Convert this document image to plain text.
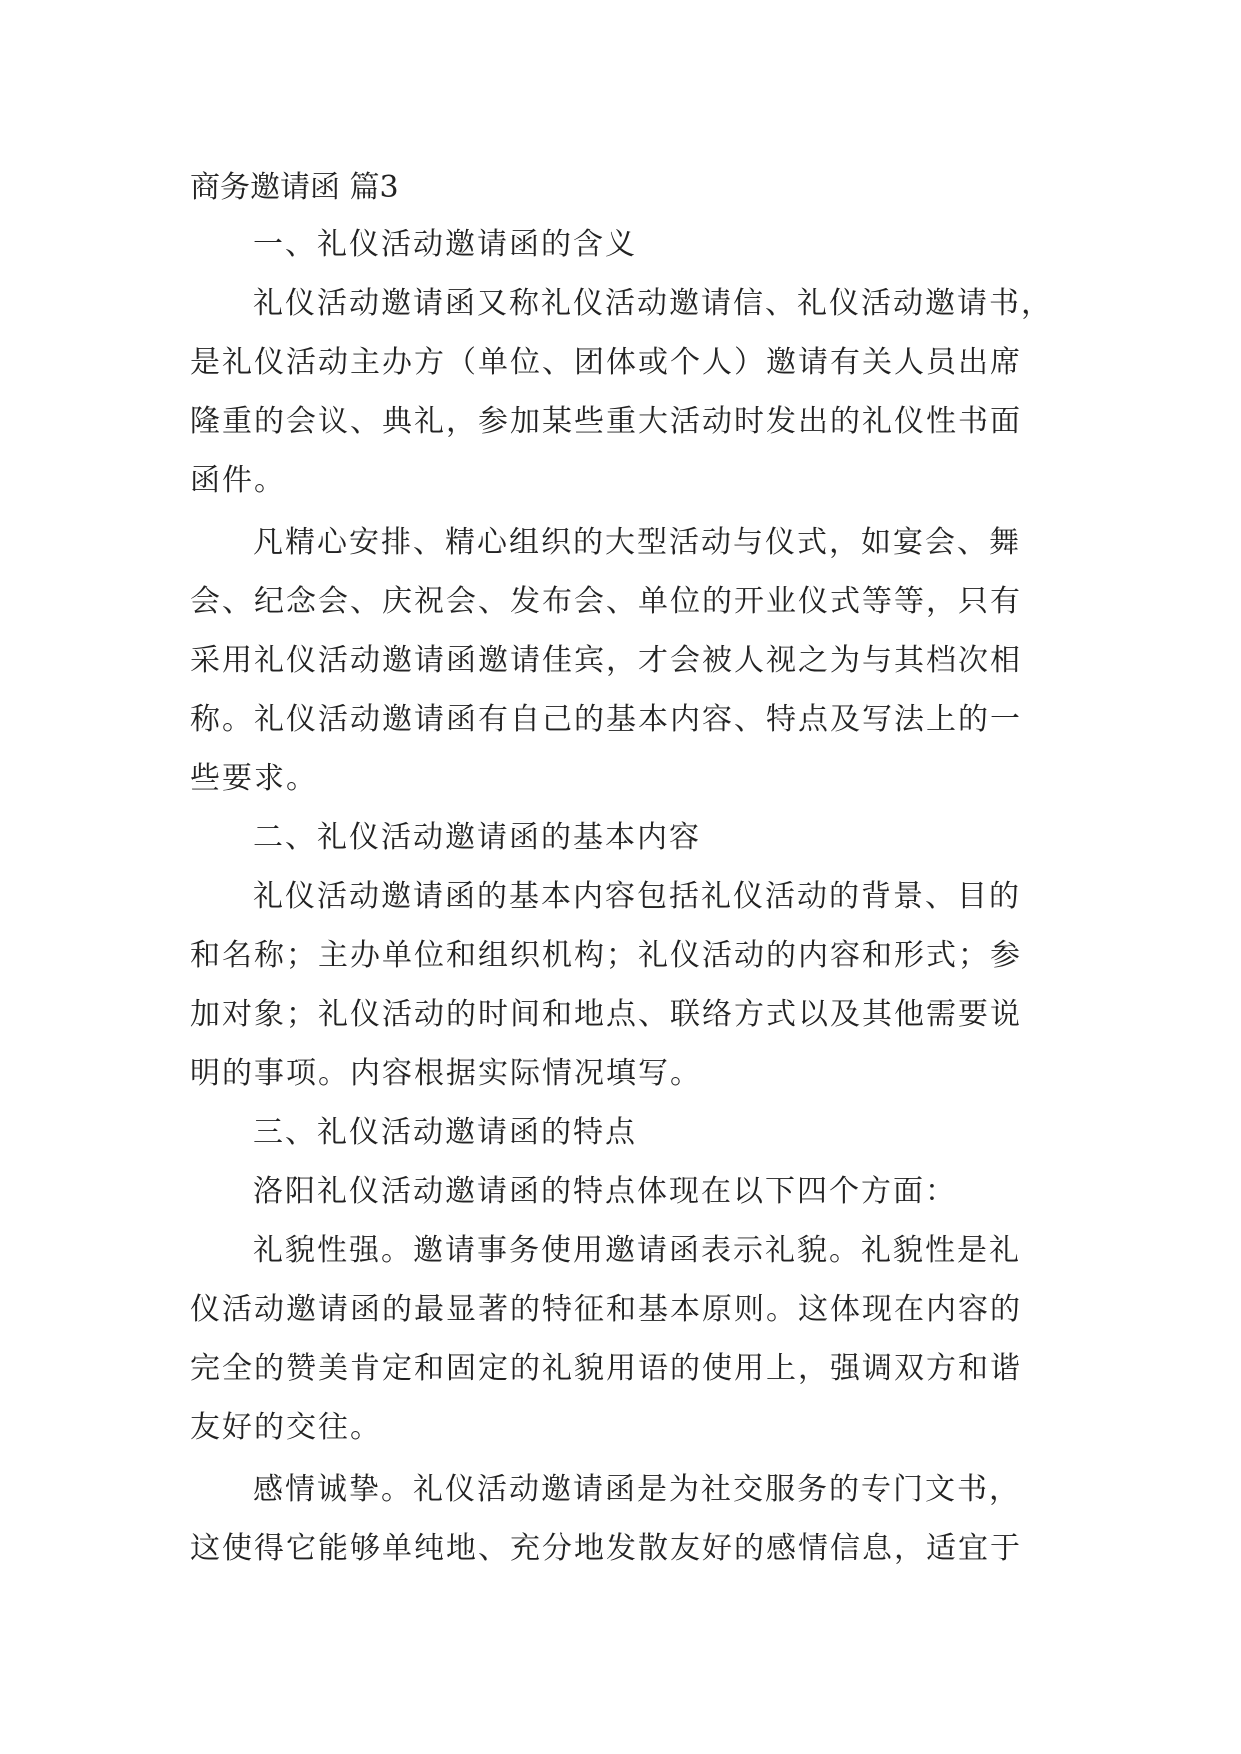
商务邀请函 篇3
一、礼仪活动邀请函的含义
礼仪活动邀请函又称礼仪活动邀请信、礼仪活动邀请书，
是礼仪活动主办方（单位、团体或个人）邀请有关人员出席
隆重的会议、典礼，参加某些重大活动时发出的礼仪性书面
函件。
凡精心安排、精心组织的大型活动与仪式，如宴会、舞
会、纪念会、庆祝会、发布会、单位的开业仪式等等，只有
采用礼仪活动邀请函邀请佳宾，才会被人视之为与其档次相
称。礼仪活动邀请函有自己的基本内容、特点及写法上的一
些要求。
二、礼仪活动邀请函的基本内容
礼仪活动邀请函的基本内容包括礼仪活动的背景、目的
和名称；主办单位和组织机构；礼仪活动的内容和形式；参
加对象；礼仪活动的时间和地点、联络方式以及其他需要说
明的事项。内容根据实际情况填写。
三、礼仪活动邀请函的特点
洛阳礼仪活动邀请函的特点体现在以下四个方面：
礼貌性强。邀请事务使用邀请函表示礼貌。礼貌性是礼
仪活动邀请函的最显著的特征和基本原则。这体现在内容的
完全的赞美肯定和固定的礼貌用语的使用上，强调双方和谐
友好的交往。
感情诚挚。礼仪活动邀请函是为社交服务的专门文书，
这使得它能够单纯地、充分地发散友好的感情信息，适宜于
